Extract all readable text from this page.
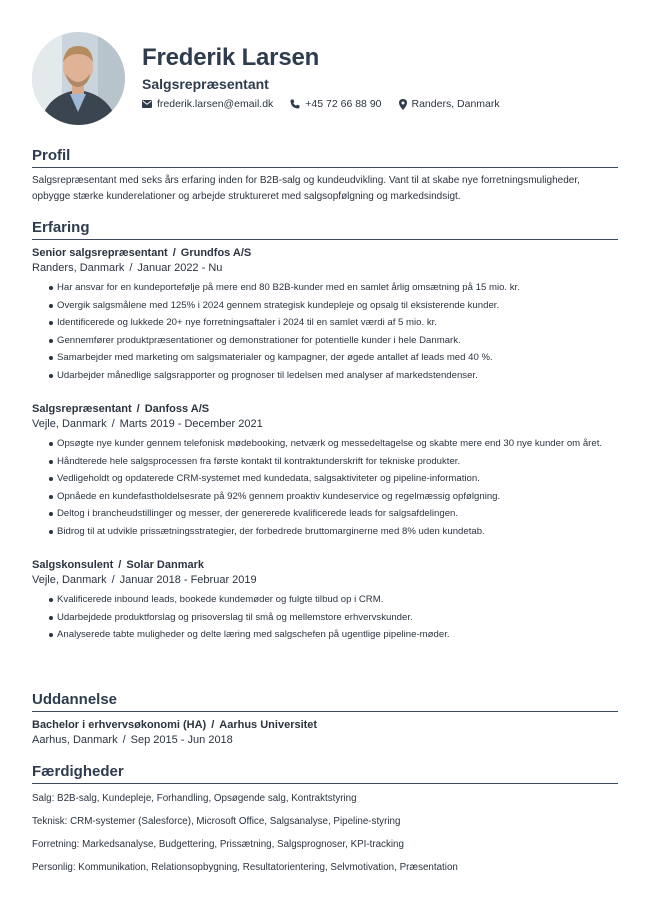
Frederik Larsen
Salgsrepræsentant
frederik.larsen@email.dk	+45 72 66 88 90	Randers, Danmark
Profil
Salgsrepræsentant med seks års erfaring inden for B2B-salg og kundeudvikling. Vant til at skabe nye forretningsmuligheder, opbygge stærke kunderelationer og arbejde struktureret med salgsopfølgning og markedsindsigt.
Erfaring
Senior salgsrepræsentant / Grundfos A/S
Randers, Danmark / Januar 2022 - Nu
Har ansvar for en kundeportefølje på mere end 80 B2B-kunder med en samlet årlig omsætning på 15 mio. kr.
Overgik salgsmålene med 125% i 2024 gennem strategisk kundepleje og opsalg til eksisterende kunder.
Identificerede og lukkede 20+ nye forretningsaftaler i 2024 til en samlet værdi af 5 mio. kr.
Gennemfører produktpræsentationer og demonstrationer for potentielle kunder i hele Danmark.
Samarbejder med marketing om salgsmaterialer og kampagner, der øgede antallet af leads med 40 %.
Udarbejder månedlige salgsrapporter og prognoser til ledelsen med analyser af markedstendenser.
Salgsrepræsentant / Danfoss A/S
Vejle, Danmark / Marts 2019 - December 2021
Opsøgte nye kunder gennem telefonisk mødebooking, netværk og messedeltagelse og skabte mere end 30 nye kunder om året.
Håndterede hele salgsprocessen fra første kontakt til kontraktunderskrift for tekniske produkter.
Vedligeholdt og opdaterede CRM-systemet med kundedata, salgsaktiviteter og pipeline-information.
Opnåede en kundefastholdelsesrate på 92% gennem proaktiv kundeservice og regelmæssig opfølgning.
Deltog i brancheudstillinger og messer, der genererede kvalificerede leads for salgsafdelingen.
Bidrog til at udvikle prissætningsstrategier, der forbedrede bruttomarginerne med 8% uden kundetab.
Salgskonsulent / Solar Danmark
Vejle, Danmark / Januar 2018 - Februar 2019
Kvalificerede inbound leads, bookede kundemøder og fulgte tilbud op i CRM.
Udarbejdede produktforslag og prisoverslag til små og mellemstore erhvervskunder.
Analyserede tabte muligheder og delte læring med salgschefen på ugentlige pipeline-møder.
Uddannelse
Bachelor i erhvervsøkonomi (HA) / Aarhus Universitet
Aarhus, Danmark / Sep 2015 - Jun 2018
Færdigheder
Salg: B2B-salg, Kundepleje, Forhandling, Opsøgende salg, Kontraktstyring
Teknisk: CRM-systemer (Salesforce), Microsoft Office, Salgsanalyse, Pipeline-styring
Forretning: Markedsanalyse, Budgettering, Prissætning, Salgsprognoser, KPI-tracking
Personlig: Kommunikation, Relationsopbygning, Resultatorientering, Selvmotivation, Præsentation
